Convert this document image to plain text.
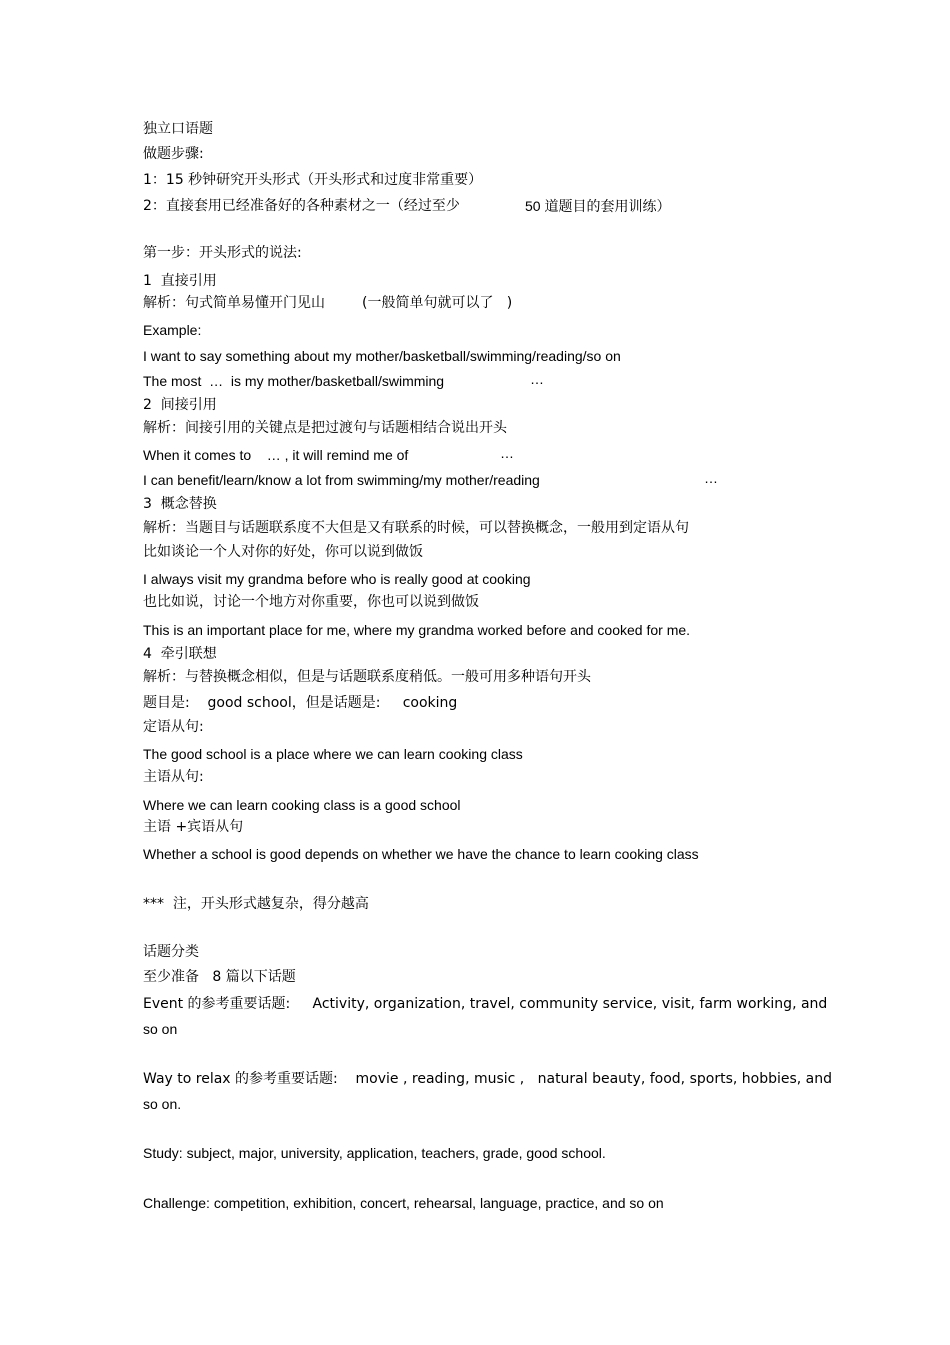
独立口语题
做题步骤:
1：15 秒钟研究开头形式（开头形式和过度非常重要）
2：直接套用已经准备好的各种素材之一（经过至少	50 道题目的套用训练）
第一步：开头形式的说法:
1  直接引用
解析：句式简单易懂开门见山	(一般简单句就可以了   )
Example:
I want to say something about my mother/basketball/swimming/reading/so on
The most  …  is my mother/basketball/swimming	…
2  间接引用
解析：间接引用的关键点是把过渡句与话题相结合说出开头
When it comes to    … , it will remind me of	…
I can benefit/learn/know a lot from swimming/my mother/reading	…
3  概念替换
解析：当题目与话题联系度不大但是又有联系的时候，可以替换概念，一般用到定语从句
比如谈论一个人对你的好处，你可以说到做饭
I always visit my grandma before who is really good at cooking
也比如说，讨论一个地方对你重要，你也可以说到做饭
This is an important place for me, where my grandma worked before and cooked for me.
4  牵引联想
解析：与替换概念相似，但是与话题联系度稍低。一般可用多种语句开头
题目是:    good school，但是话题是:     cooking
定语从句:
The good school is a place where we can learn cooking class
主语从句:
Where we can learn cooking class is a good school
主语 +宾语从句
Whether a school is good depends on whether we have the chance to learn cooking class
***  注，开头形式越复杂，得分越高
话题分类
至少准备   8 篇以下话题
Event 的参考重要话题:     Activity, organization, travel, community service, visit, farm working, and
so on
Way to relax 的参考重要话题:    movie , reading, music ,   natural beauty, food, sports, hobbies, and
so on.
Study: subject, major, university, application, teachers, grade, good school.
Challenge: competition, exhibition, concert, rehearsal, language, practice, and so on
